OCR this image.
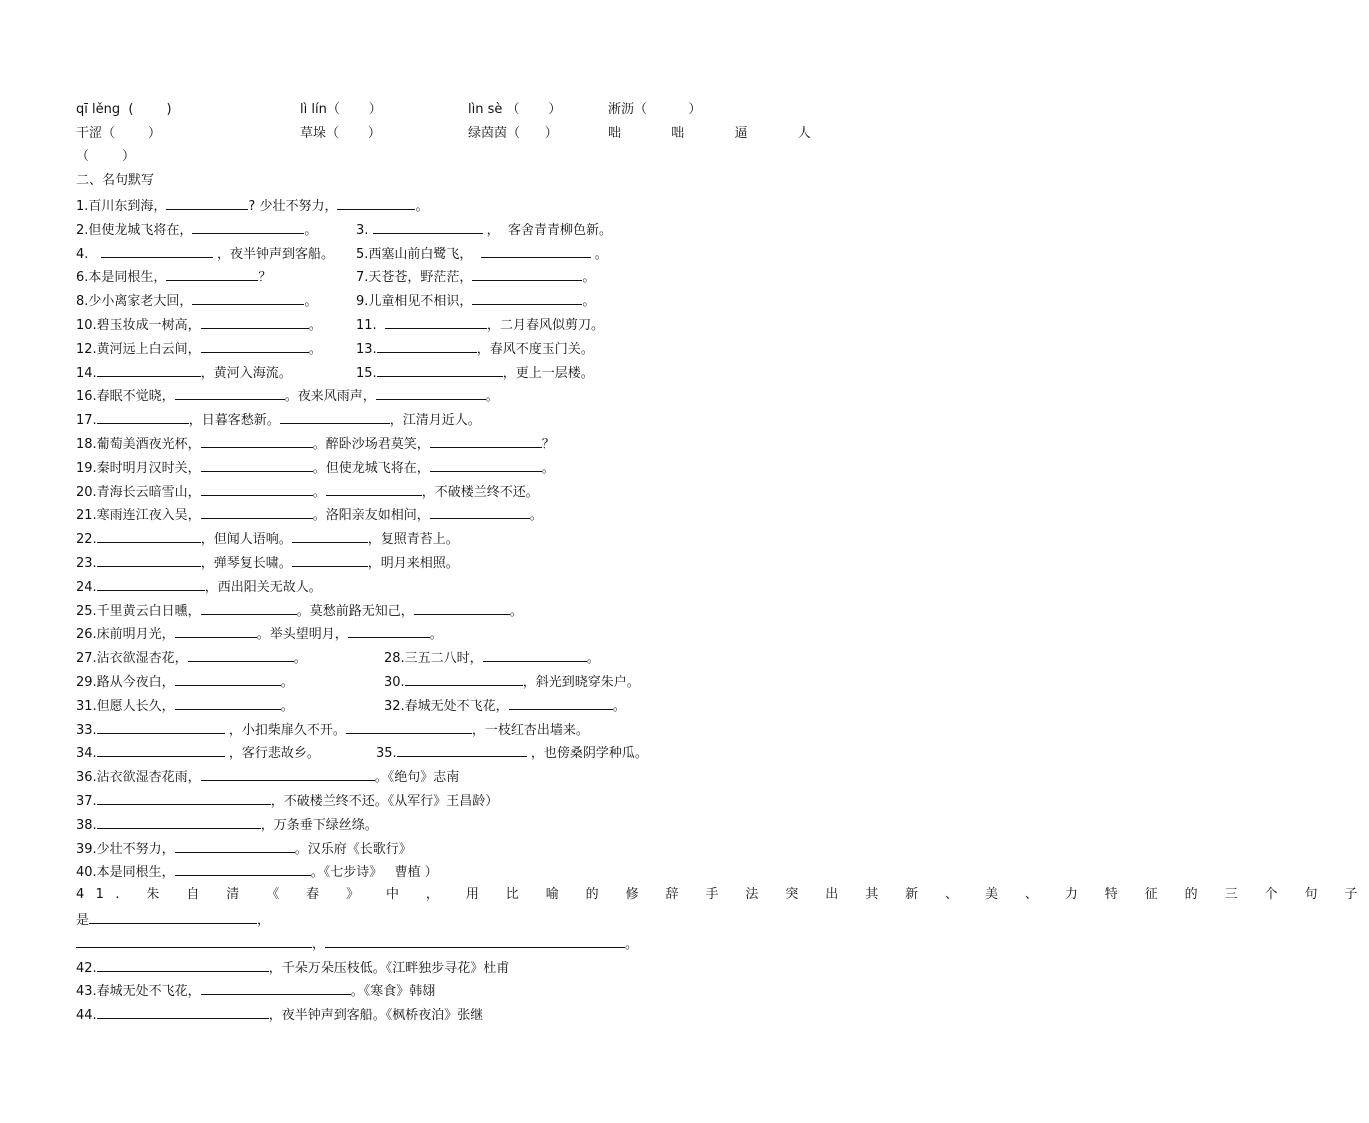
qī lěng  (        )	lì lín（       ）	lìn sè （       ）	淅沥（          ）
干涩（        ）	草垛（       ）	绿茵茵（      ）	咄  咄  逼  人
（        ）
二、名句默写
1.百川东到海，	? 少壮不努力，	。
2.但使龙城飞将在，	。	3.	，  客舍青青柳色新。
4.	，夜半钟声到客船。 5.西塞山前白鹭飞，	。
6.本是同根生，	？	7.天苍苍，野茫茫，	。
8.少小离家老大回，	。	9.儿童相见不相识，	。
10.碧玉妆成一树高，	。	11.	，二月春风似剪刀。
12.黄河远上白云间，	。	13.	，春风不度玉门关。
14.	，黄河入海流。	15.	，更上一层楼。
16.春眠不觉晓，	。夜来风雨声，	。
17.	，日暮客愁新。	，江清月近人。
18.葡萄美酒夜光杯，	。醉卧沙场君莫笑，	？
19.秦时明月汉时关，	。但使龙城飞将在，	。
20.青海长云暗雪山，	。	，不破楼兰终不还。
21.寒雨连江夜入吴，	。洛阳亲友如相问，	。
22.	，但闻人语响。	，复照青苔上。
23.	，弹琴复长啸。	，明月来相照。
24.	，西出阳关无故人。
25.千里黄云白日曛，	。莫愁前路无知己，	。
26.床前明月光，	。举头望明月，	。
27.沾衣欲湿杏花，	。	28.三五二八时，	。
29.路从今夜白，	。	30.	，斜光到晓穿朱户。
31.但愿人长久，	。	32.春城无处不飞花，	。
33.	，小扣柴扉久不开。	，一枝红杏出墙来。
34.	，客行悲故乡。	35.	，也傍桑阴学种瓜。
36.沾衣欲湿杏花雨，	。《绝句》志南
37.	，不破楼兰终不还。《从军行》王昌龄）
38.	，万条垂下绿丝绦。
39.少壮不努力，	。汉乐府《长歌行》
40.本是同根生，	。《七步诗》   曹植 ）
41. 朱 自 清 《 春 》 中 ， 用 比 喻 的 修 辞 手 法 突 出 其 新 、 美 、 力 特 征 的 三 个 句 子
是	，
，	。
42.	，千朵万朵压枝低。《江畔独步寻花》杜甫
43.春城无处不飞花，	。《寒食》韩翃
44.	，夜半钟声到客船。《枫桥夜泊》张继
